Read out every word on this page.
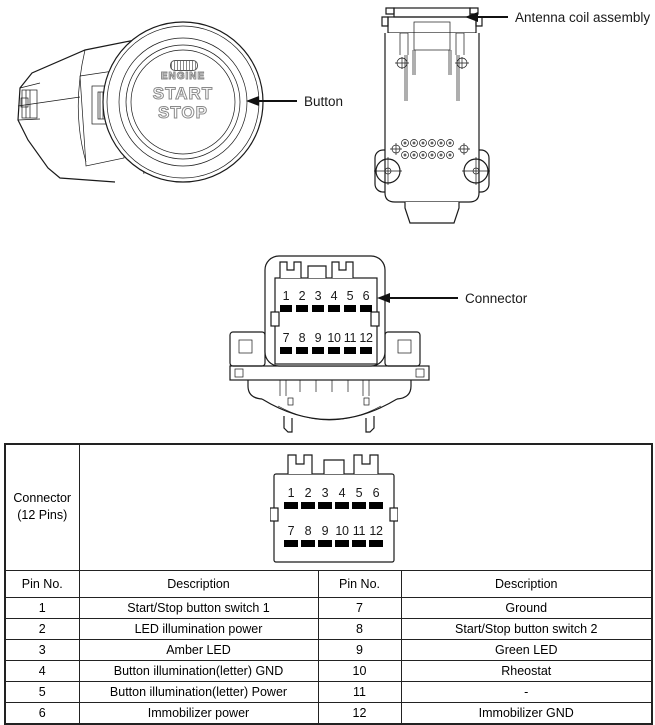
ENGINE
START
STOP
Button
Antenna coil assembly
1 2 3 4 5 6
7 8 9 10 11 12
Connector
Connector
(12 Pins)

1 2 3 4 5 6
7 8 9 10 11 12

Pin No.	Description	Pin No.	Description
1	Start/Stop button switch 1	7	Ground
2	LED illumination power	8	Start/Stop button switch 2
3	Amber LED	9	Green LED
4	Button illumination(letter) GND	10	Rheostat
5	Button illumination(letter) Power	11	-
6	Immobilizer power	12	Immobilizer GND
